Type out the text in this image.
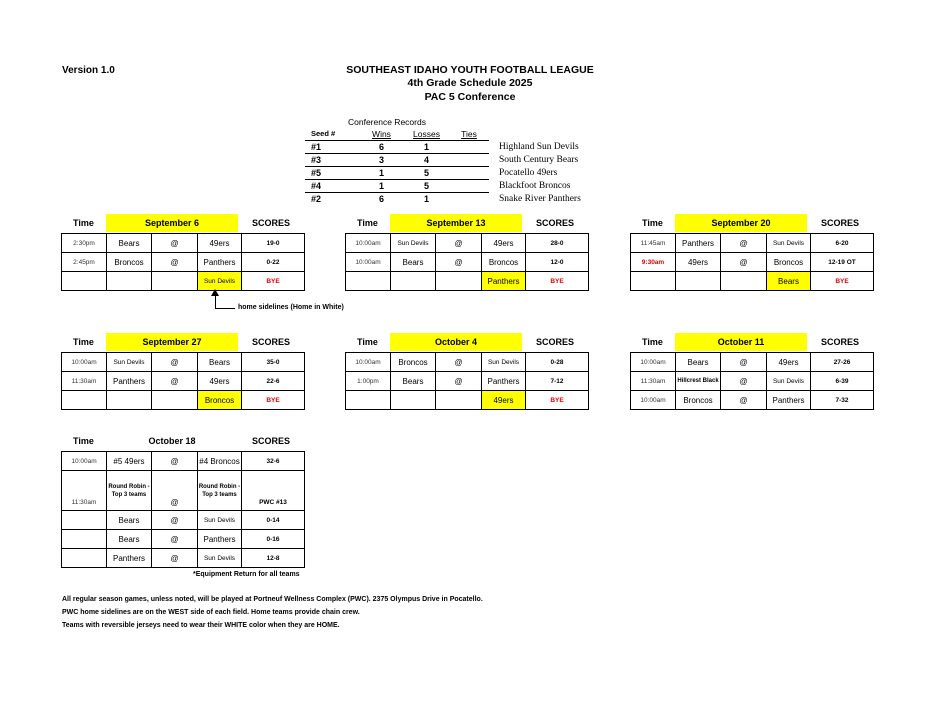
Version 1.0	SOUTHEAST IDAHO YOUTH FOOTBALL LEAGUE
4th Grade Schedule 2025
PAC 5 Conference
Conference Records
Seed #	Wins	Losses	Ties	
#1	6	1		Highland Sun Devils
#3	3	4		South Century Bears
#5	1	5		Pocatello 49ers
#4	1	5		Blackfoot Broncos
#2	6	1		Snake River Panthers
Time	September 6	SCORES
2:30pm	Bears	@	49ers	19-0
2:45pm	Broncos	@	Panthers	0-22
			Sun Devils	BYE
Time	September 13	SCORES
10:00am	Sun Devils	@	49ers	28-0
10:00am	Bears	@	Broncos	12-0
			Panthers	BYE
Time	September 20	SCORES
11:45am	Panthers	@	Sun Devils	6-20
9:30am	49ers	@	Broncos	12-19 OT
			Bears	BYE
home sidelines (Home in White)
Time	September 27	SCORES
10:00am	Sun Devils	@	Bears	35-0
11:30am	Panthers	@	49ers	22-6
			Broncos	BYE
Time	October 4	SCORES
10:00am	Broncos	@	Sun Devils	0-28
1:00pm	Bears	@	Panthers	7-12
			49ers	BYE
Time	October 11	SCORES
10:00am	Bears	@	49ers	27-26
11:30am	Hillcrest Black	@	Sun Devils	6-39
10:00am	Broncos	@	Panthers	7-32
Time	October 18	SCORES
10:00am	#5 49ers	@	#4 Broncos	32-6
11:30am	Round Robin -Top 3 teams	@	Round Robin -Top 3 teams	PWC #13
	Bears	@	Sun Devils	0-14
	Bears	@	Panthers	0-16
	Panthers	@	Sun Devils	12-8
*Equipment Return for all teams
All regular season games, unless noted, will be played at Portneuf Wellness Complex (PWC). 2375 Olympus Drive in Pocatello.
PWC home sidelines are on the WEST side of each field. Home teams provide chain crew.
Teams with reversible jerseys need to wear their WHITE color when they are HOME.
